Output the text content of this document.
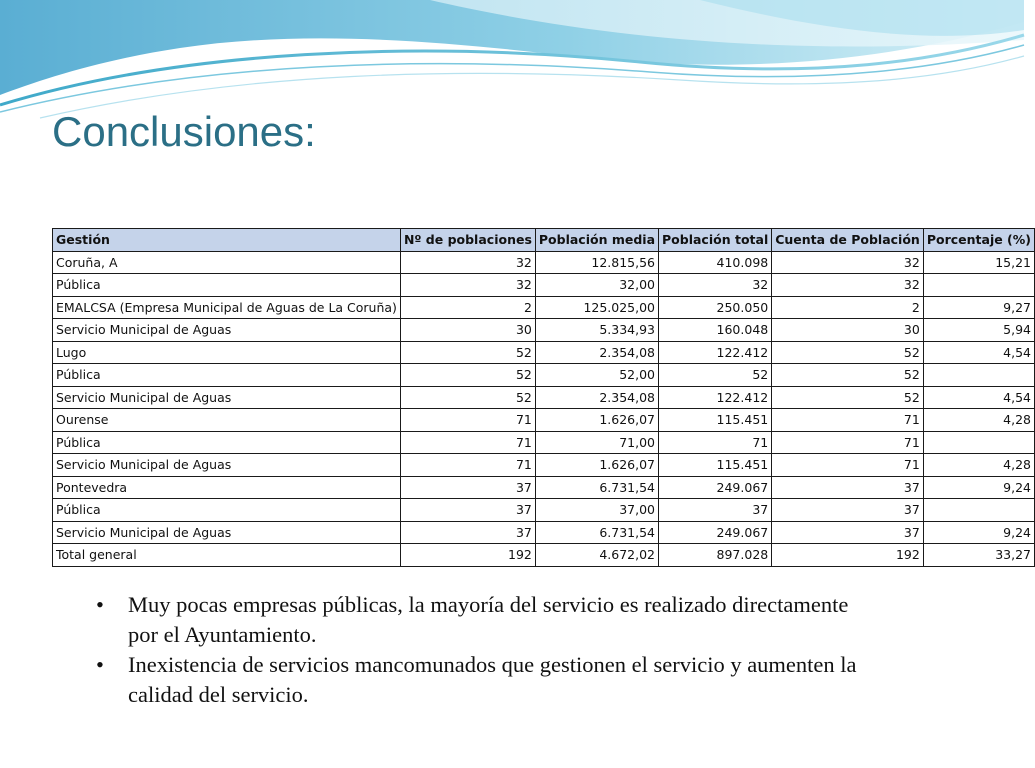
Conclusiones:
Gestión	Nº de poblaciones	Población media	Población total	Cuenta de Población	Porcentaje (%)
Coruña, A	32	12.815,56	410.098	32	15,21
Pública	32	32,00	32	32	
EMALCSA (Empresa Municipal de Aguas de La Coruña)	2	125.025,00	250.050	2	9,27
Servicio Municipal de Aguas	30	5.334,93	160.048	30	5,94
Lugo	52	2.354,08	122.412	52	4,54
Pública	52	52,00	52	52	
Servicio Municipal de Aguas	52	2.354,08	122.412	52	4,54
Ourense	71	1.626,07	115.451	71	4,28
Pública	71	71,00	71	71	
Servicio Municipal de Aguas	71	1.626,07	115.451	71	4,28
Pontevedra	37	6.731,54	249.067	37	9,24
Pública	37	37,00	37	37	
Servicio Municipal de Aguas	37	6.731,54	249.067	37	9,24
Total general	192	4.672,02	897.028	192	33,27
•	Muy pocas empresas públicas, la mayoría del servicio es realizado directamente por el Ayuntamiento.
•	Inexistencia de servicios mancomunados que gestionen el servicio y aumenten la calidad del servicio.
